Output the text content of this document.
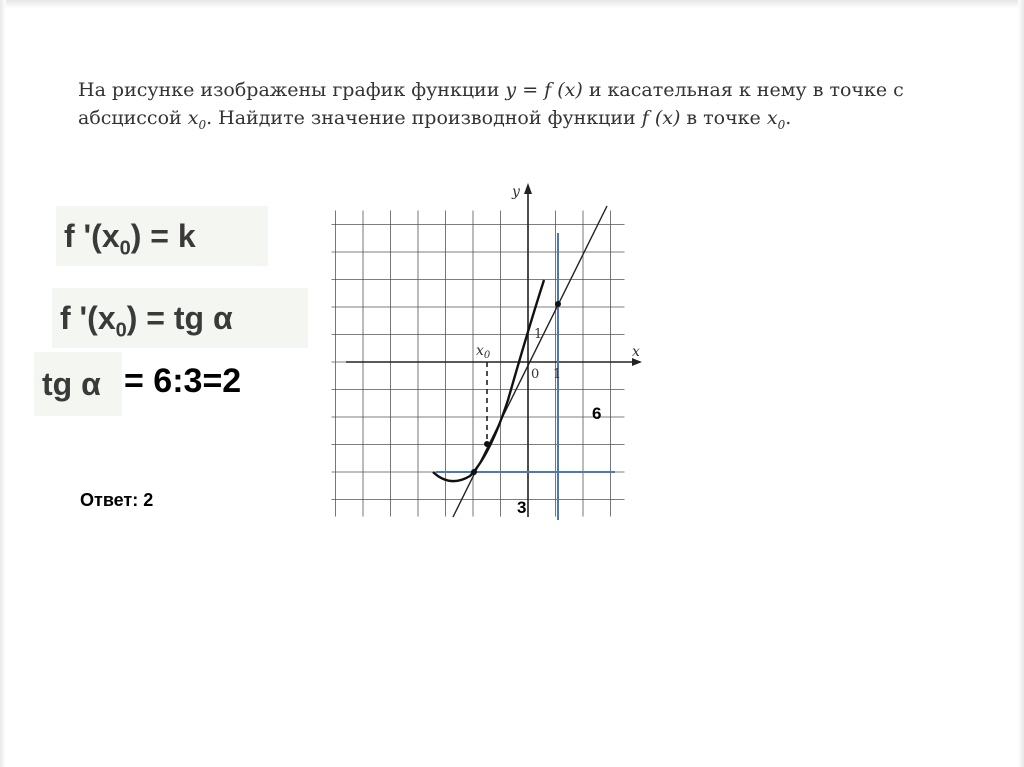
На рисунке изображены график функции y = f (x) и касательная к нему в точке с абсциссой $x_0$. Найдите значение производной функции f (x) в точке $x_0$.

f '$(x_0) = k$
f '$(x_0)$ = tg α
tg α = 6:3=2
Ответ: 2
y
x
0 1
1
$x_0$
6
3
